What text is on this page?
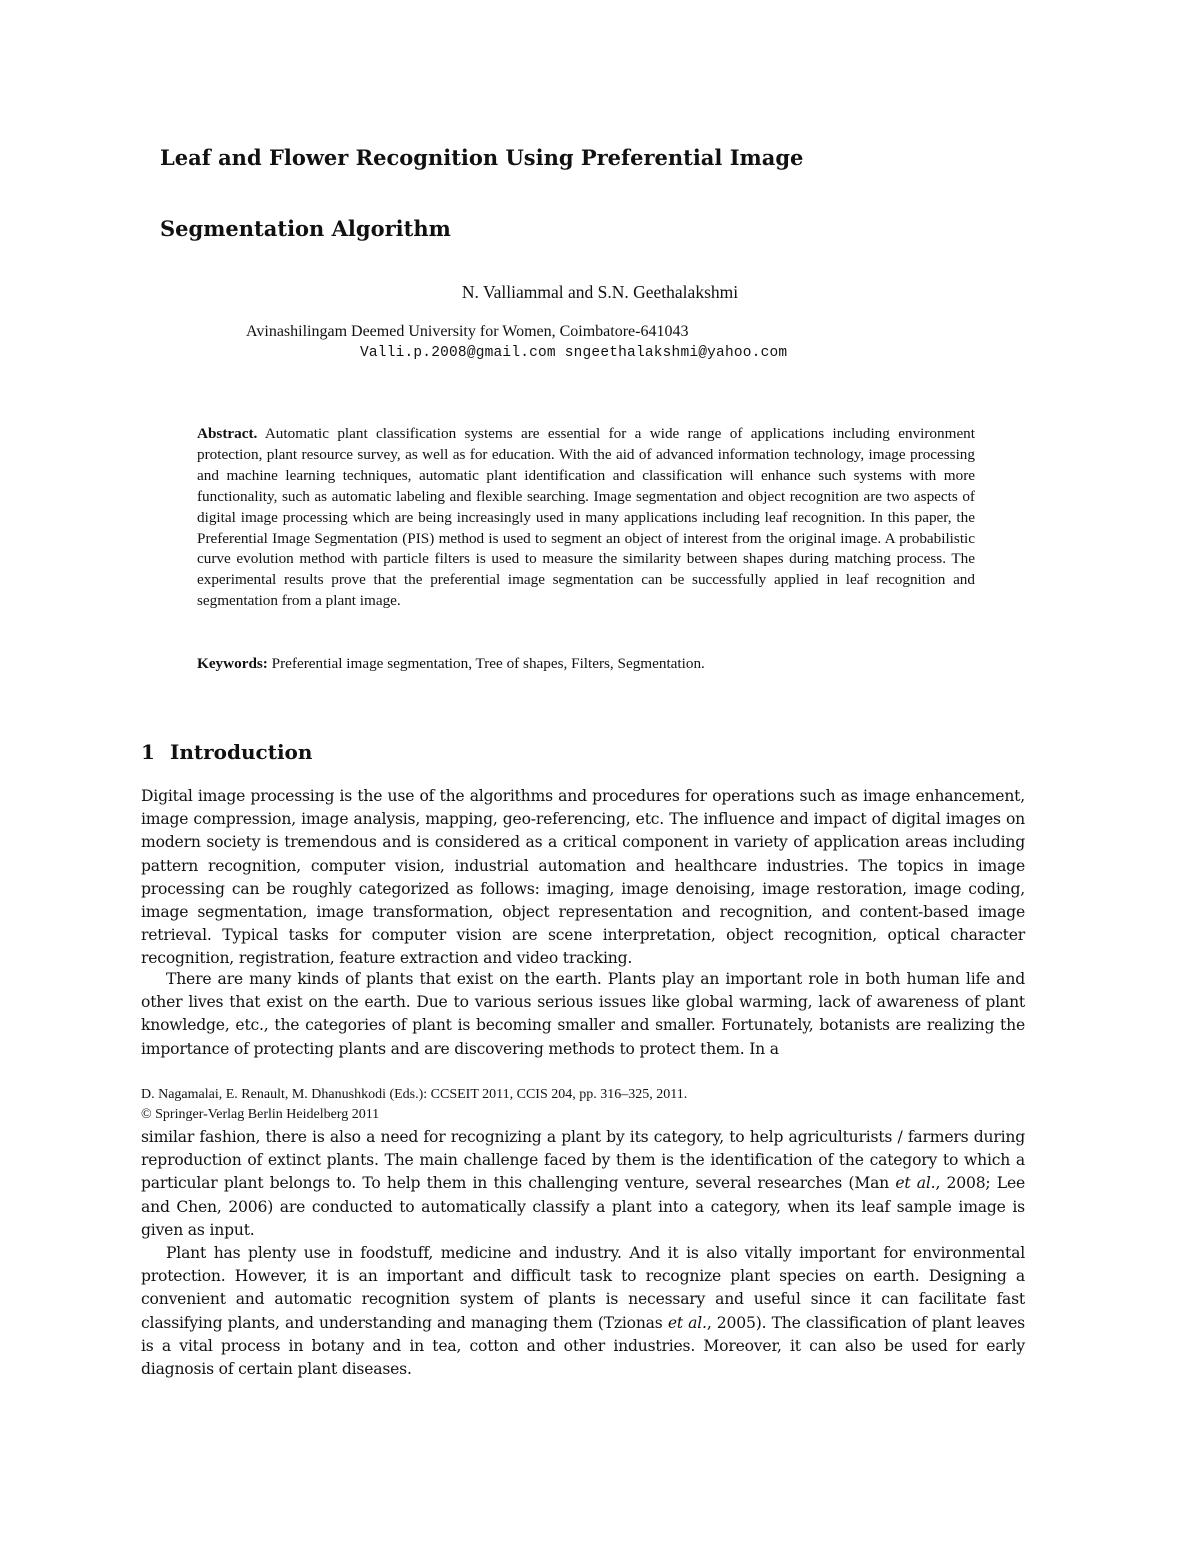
Leaf and Flower Recognition Using Preferential Image
Segmentation Algorithm
N. Valliammal and S.N. Geethalakshmi
Avinashilingam Deemed University for Women, Coimbatore-641043
Valli.p.2008@gmail.com sngeethalakshmi@yahoo.com

Abstract. Automatic plant classification systems are essential for a wide range of applications including environment protection, plant resource survey, as well as for education. With the aid of advanced information technology, image processing and machine learning techniques, automatic plant identification and classification will enhance such systems with more functionality, such as automatic labeling and flexible searching. Image segmentation and object recognition are two aspects of digital image processing which are being increasingly used in many applications including leaf recognition. In this paper, the Preferential Image Segmentation (PIS) method is used to segment an object of interest from the original image. A probabilistic curve evolution method with particle filters is used to measure the similarity between shapes during matching process. The experimental results prove that the preferential image segmentation can be successfully applied in leaf recognition and segmentation from a plant image.

Keywords: Preferential image segmentation, Tree of shapes, Filters, Segmentation.

1 Introduction

Digital image processing is the use of the algorithms and procedures for operations such as image enhancement, image compression, image analysis, mapping, geo-referencing, etc. The influence and impact of digital images on modern society is tremendous and is considered as a critical component in variety of application areas including pattern recognition, computer vision, industrial automation and healthcare industries. The topics in image processing can be roughly categorized as follows: imaging, image denoising, image restoration, image coding, image segmentation, image transformation, object representation and recognition, and content-based image retrieval. Typical tasks for computer vision are scene interpretation, object recognition, optical character recognition, registration, feature extraction and video tracking.

There are many kinds of plants that exist on the earth. Plants play an important role in both human life and other lives that exist on the earth. Due to various serious issues like global warming, lack of awareness of plant knowledge, etc., the categories of plant is becoming smaller and smaller. Fortunately, botanists are realizing the importance of protecting plants and are discovering methods to protect them. In a

D. Nagamalai, E. Renault, M. Dhanushkodi (Eds.): CCSEIT 2011, CCIS 204, pp. 316–325, 2011.
© Springer-Verlag Berlin Heidelberg 2011

similar fashion, there is also a need for recognizing a plant by its category, to help agriculturists / farmers during reproduction of extinct plants. The main challenge faced by them is the identification of the category to which a particular plant belongs to. To help them in this challenging venture, several researches (Man et al., 2008; Lee and Chen, 2006) are conducted to automatically classify a plant into a category, when its leaf sample image is given as input.

Plant has plenty use in foodstuff, medicine and industry. And it is also vitally important for environmental protection. However, it is an important and difficult task to recognize plant species on earth. Designing a convenient and automatic recognition system of plants is necessary and useful since it can facilitate fast classifying plants, and understanding and managing them (Tzionas et al., 2005). The classification of plant leaves is a vital process in botany and in tea, cotton and other industries. Moreover, it can also be used for early diagnosis of certain plant diseases.
